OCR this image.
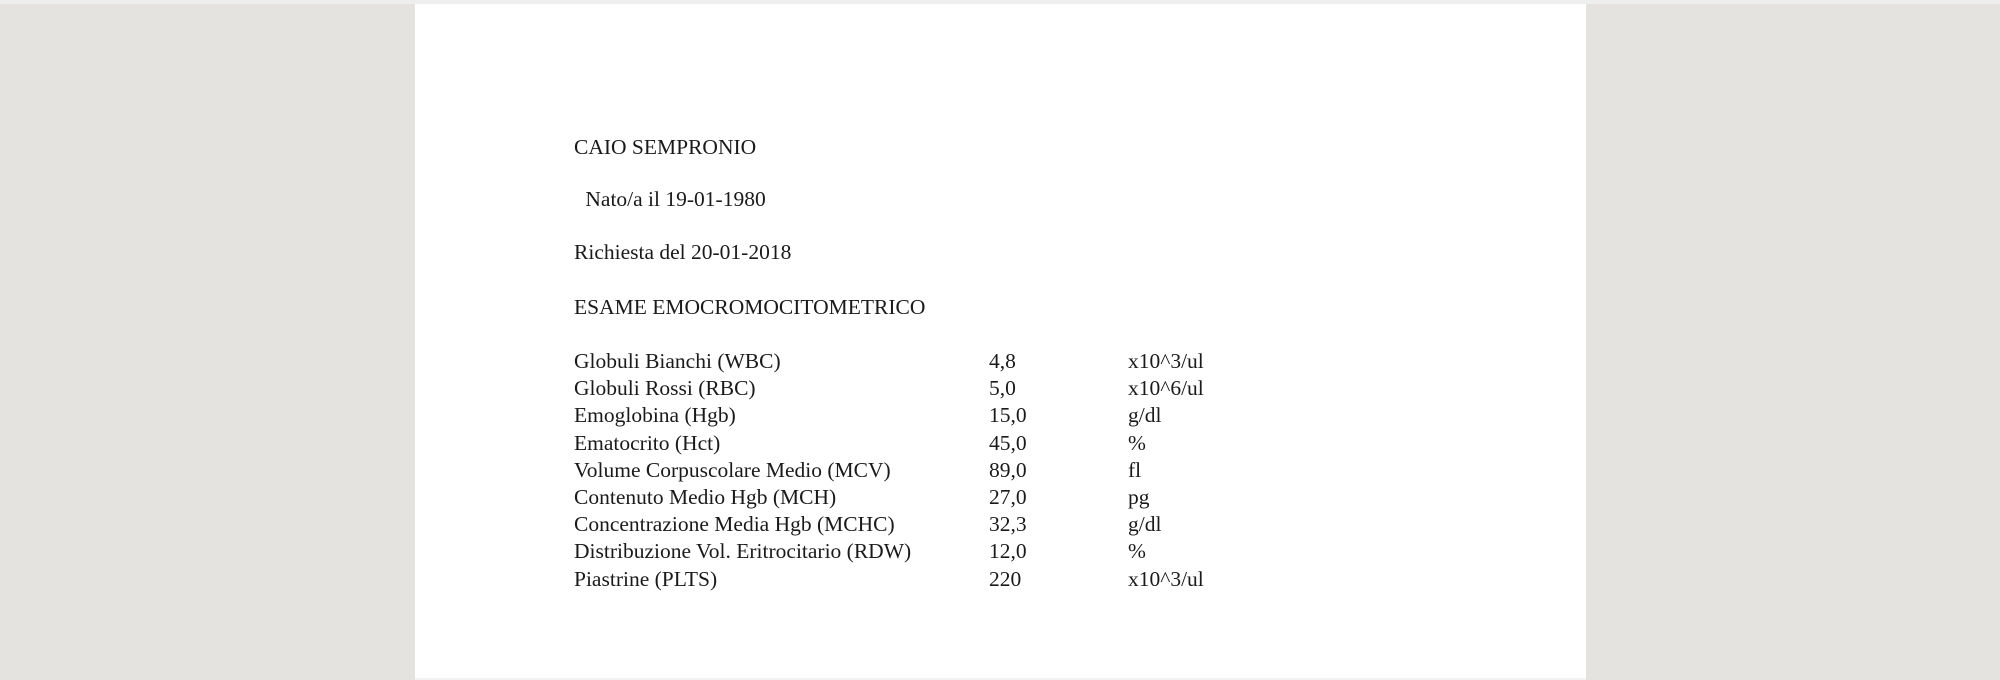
CAIO SEMPRONIO
Nato/a il 19-01-1980
Richiesta del 20-01-2018
ESAME EMOCROMOCITOMETRICO
Globuli Bianchi (WBC)	4,8	x10^3/ul
Globuli Rossi (RBC)	5,0	x10^6/ul
Emoglobina (Hgb)	15,0	g/dl
Ematocrito (Hct)	45,0	%
Volume Corpuscolare Medio (MCV)	89,0	fl
Contenuto Medio Hgb (MCH)	27,0	pg
Concentrazione Media Hgb (MCHC)	32,3	g/dl
Distribuzione Vol. Eritrocitario (RDW)	12,0	%
Piastrine (PLTS)	220	x10^3/ul
